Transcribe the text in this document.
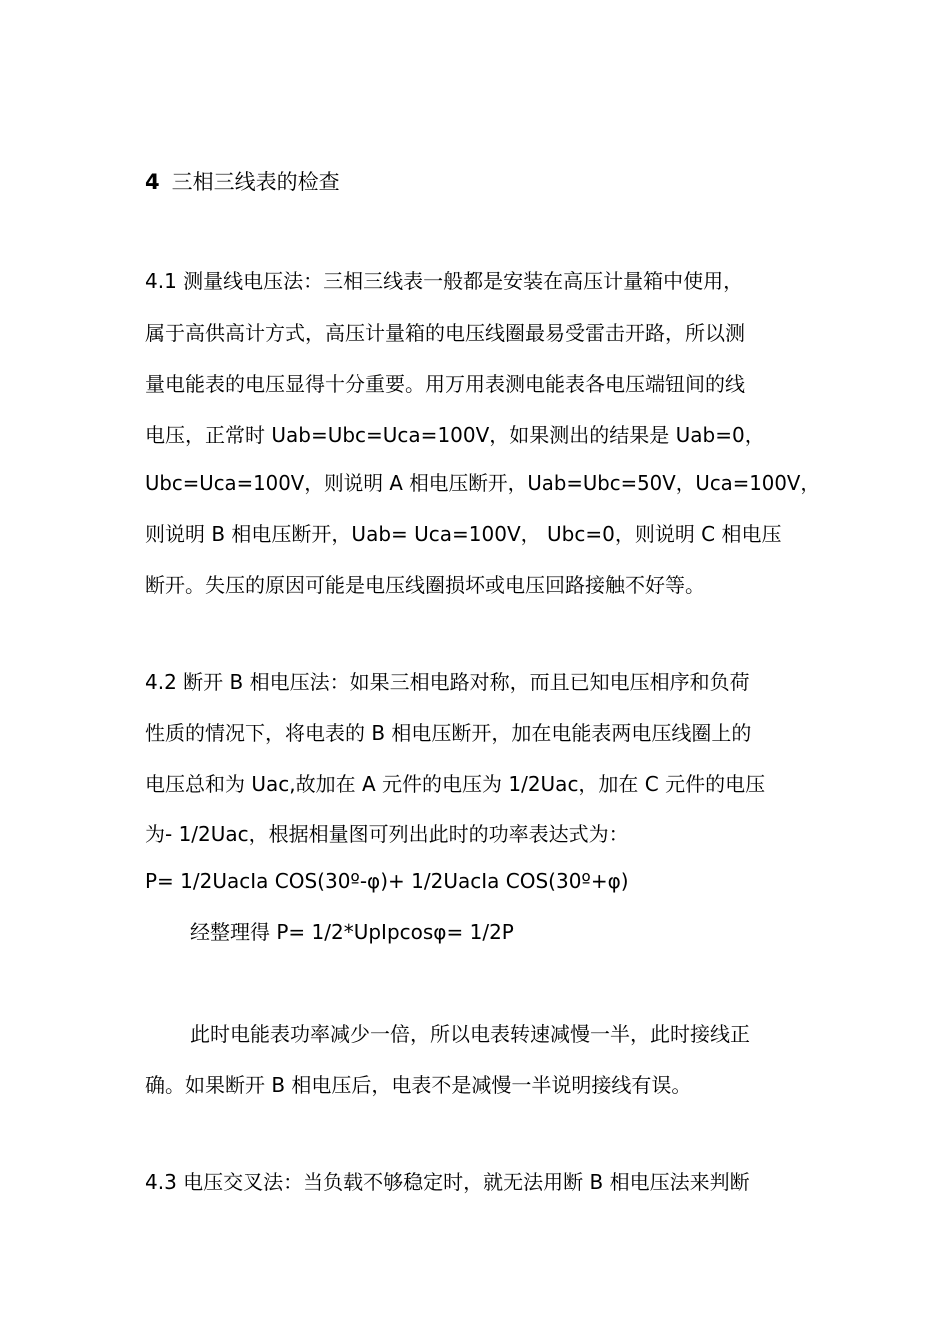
4 三相三线表的检查
4.1 测量线电压法：三相三线表一般都是安装在高压计量箱中使用，
属于高供高计方式，高压计量箱的电压线圈最易受雷击开路，所以测
量电能表的电压显得十分重要。用万用表测电能表各电压端钮间的线
电压，正常时 Uab=Ubc=Uca=100V，如果测出的结果是 Uab=0，
Ubc=Uca=100V，则说明 A 相电压断开，Uab=Ubc=50V，Uca=100V，
则说明 B 相电压断开，Uab= Uca=100V， Ubc=0，则说明 C 相电压
断开。失压的原因可能是电压线圈损坏或电压回路接触不好等。
4.2 断开 B 相电压法：如果三相电路对称，而且已知电压相序和负荷
性质的情况下，将电表的 B 相电压断开，加在电能表两电压线圈上的
电压总和为 Uac,故加在 A 元件的电压为 1/2Uac，加在 C 元件的电压
为- 1/2Uac，根据相量图可列出此时的功率表达式为：
P= 1/2UacIa COS(30º-φ)+ 1/2UacIa COS(30º+φ)
经整理得 P= 1/2*UpIpcosφ= 1/2P
此时电能表功率减少一倍，所以电表转速减慢一半，此时接线正
确。如果断开 B 相电压后，电表不是减慢一半说明接线有误。
4.3 电压交叉法：当负载不够稳定时，就无法用断 B 相电压法来判断
